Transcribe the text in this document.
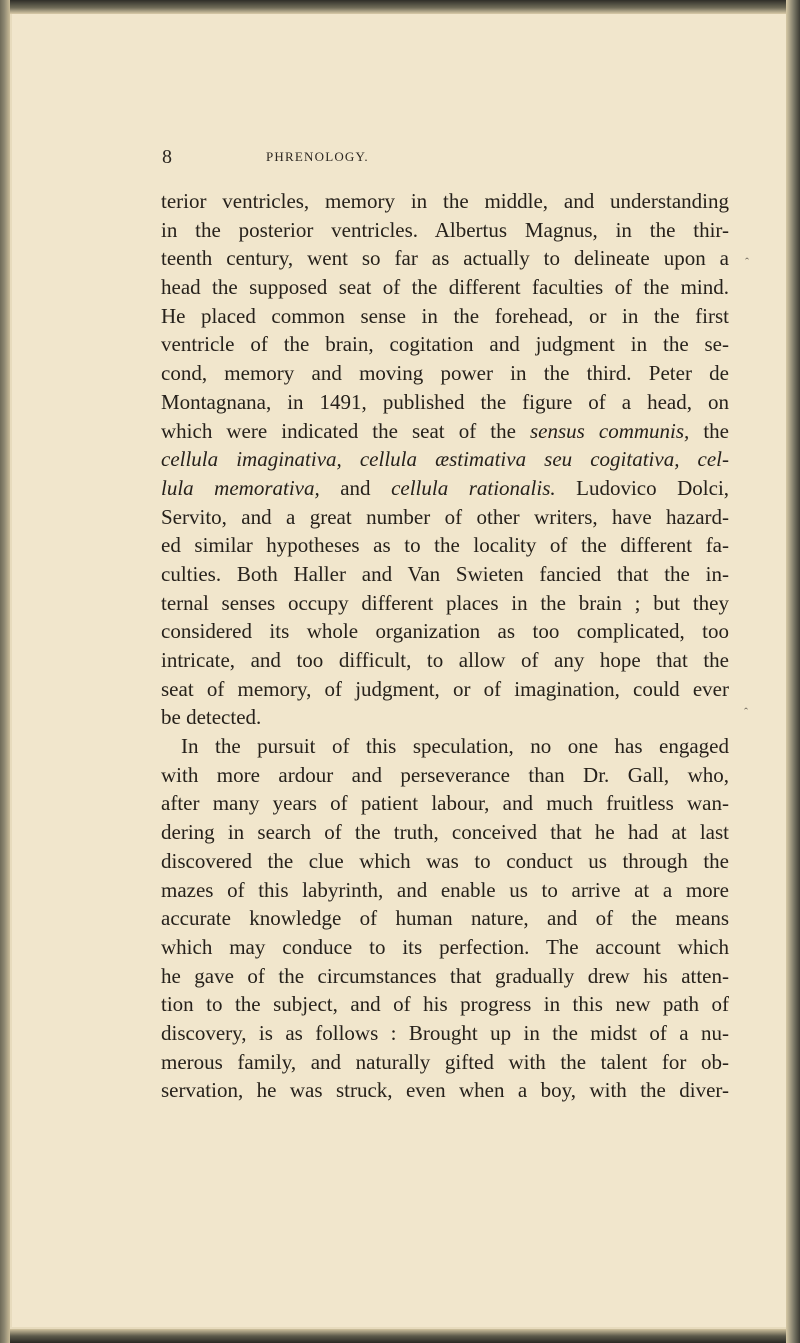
8	PHRENOLOGY.
terior ventricles, memory in the middle, and understanding
in the posterior ventricles. Albertus Magnus, in the thir-
teenth century, went so far as actually to delineate upon a
head the supposed seat of the different faculties of the mind.
He placed common sense in the forehead, or in the first
ventricle of the brain, cogitation and judgment in the se-
cond, memory and moving power in the third. Peter de
Montagnana, in 1491, published the figure of a head, on
which were indicated the seat of the sensus communis, the
cellula imaginativa, cellula æstimativa seu cogitativa, cel-
lula memorativa, and cellula rationalis. Ludovico Dolci,
Servito, and a great number of other writers, have hazard-
ed similar hypotheses as to the locality of the different fa-
culties. Both Haller and Van Swieten fancied that the in-
ternal senses occupy different places in the brain ; but they
considered its whole organization as too complicated, too
intricate, and too difficult, to allow of any hope that the
seat of memory, of judgment, or of imagination, could ever
be detected.
In the pursuit of this speculation, no one has engaged
with more ardour and perseverance than Dr. Gall, who,
after many years of patient labour, and much fruitless wan-
dering in search of the truth, conceived that he had at last
discovered the clue which was to conduct us through the
mazes of this labyrinth, and enable us to arrive at a more
accurate knowledge of human nature, and of the means
which may conduce to its perfection. The account which
he gave of the circumstances that gradually drew his atten-
tion to the subject, and of his progress in this new path of
discovery, is as follows : Brought up in the midst of a nu-
merous family, and naturally gifted with the talent for ob-
servation, he was struck, even when a boy, with the diver-
ˆ
ˆ
